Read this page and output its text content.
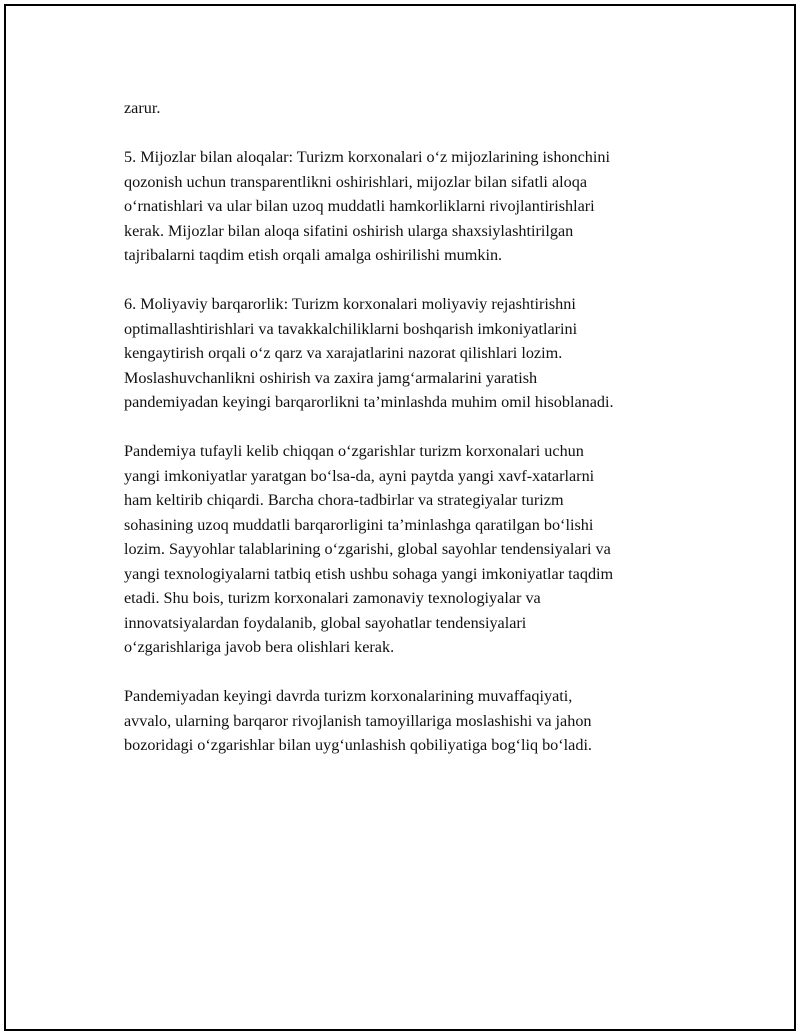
zarur.

5. Mijozlar bilan aloqalar: Turizm korxonalari o‘z mijozlarining ishonchini
qozonish uchun transparentlikni oshirishlari, mijozlar bilan sifatli aloqa
o‘rnatishlari va ular bilan uzoq muddatli hamkorliklarni rivojlantirishlari
kerak. Mijozlar bilan aloqa sifatini oshirish ularga shaxsiylashtirilgan
tajribalarni taqdim etish orqali amalga oshirilishi mumkin.

6. Moliyaviy barqarorlik: Turizm korxonalari moliyaviy rejashtirishni
optimallashtirishlari va tavakkalchiliklarni boshqarish imkoniyatlarini
kengaytirish orqali o‘z qarz va xarajatlarini nazorat qilishlari lozim.
Moslashuvchanlikni oshirish va zaxira jamg‘armalarini yaratish
pandemiyadan keyingi barqarorlikni ta’minlashda muhim omil hisoblanadi.

Pandemiya tufayli kelib chiqqan o‘zgarishlar turizm korxonalari uchun
yangi imkoniyatlar yaratgan bo‘lsa-da, ayni paytda yangi xavf-xatarlarni
ham keltirib chiqardi. Barcha chora-tadbirlar va strategiyalar turizm
sohasining uzoq muddatli barqarorligini ta’minlashga qaratilgan bo‘lishi
lozim. Sayyohlar talablarining o‘zgarishi, global sayohlar tendensiyalari va
yangi texnologiyalarni tatbiq etish ushbu sohaga yangi imkoniyatlar taqdim
etadi. Shu bois, turizm korxonalari zamonaviy texnologiyalar va
innovatsiyalardan foydalanib, global sayohatlar tendensiyalari
o‘zgarishlariga javob bera olishlari kerak.

Pandemiyadan keyingi davrda turizm korxonalarining muvaffaqiyati,
avvalo, ularning barqaror rivojlanish tamoyillariga moslashishi va jahon
bozoridagi o‘zgarishlar bilan uyg‘unlashish qobiliyatiga bog‘liq bo‘ladi.
